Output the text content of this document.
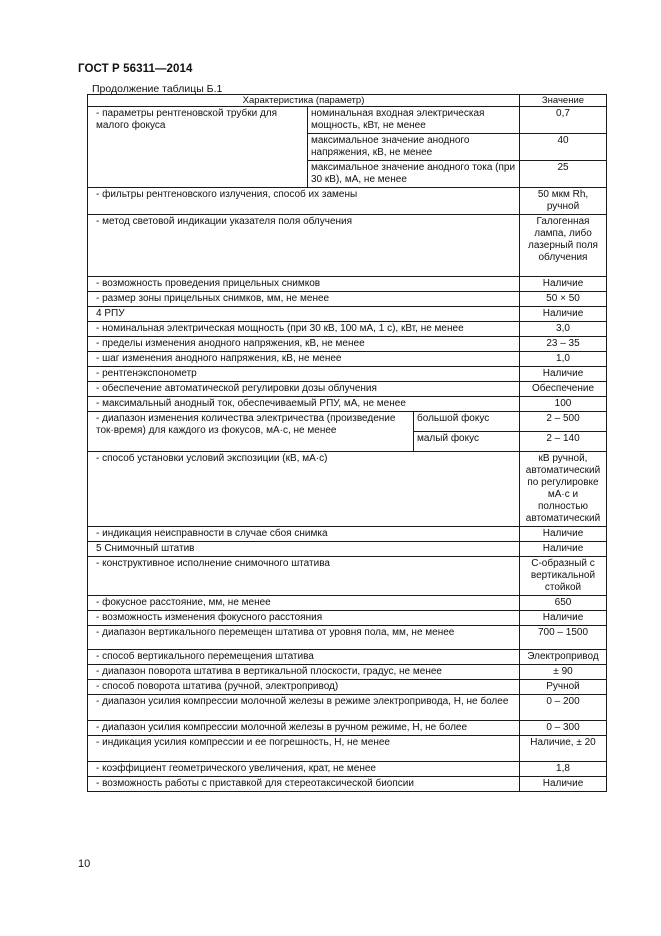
ГОСТ Р 56311—2014
Продолжение таблицы Б.1
Характеристика (параметр)			Значение
- параметры рентгеновской трубки для малого фокуса	номинальная входная электрическая мощность, кВт, не менее		0,7
	максимальное значение анодного напряжения, кВ, не менее		40
	максимальное значение анодного тока (при 30 кВ), мА, не менее		25
- фильтры рентгеновского излучения, способ их замены			50 мкм Rh, ручной
- метод световой индикации указателя поля облучения			Галогенная лампа, либо лазерный поля облучения
- возможность проведения прицельных снимков			Наличие
- размер зоны прицельных снимков, мм, не менее			50 × 50
4 РПУ			Наличие
- номинальная электрическая мощность (при 30 кВ, 100 мА, 1 с), кВт, не менее			3,0
- пределы изменения анодного напряжения, кВ, не менее			23 – 35
- шаг изменения анодного напряжения, кВ, не менее			1,0
- рентгенэкспонометр			Наличие
- обеспечение автоматической регулировки дозы облучения			Обеспечение
- максимальный анодный ток, обеспечиваемый РПУ, мА, не менее			100
- диапазон изменения количества электричества (произведение ток·время) для каждого из фокусов, мА·с, не менее		большой фокус	2 – 500
		малый фокус	2 – 140
- способ установки условий экспозиции (кВ, мА·с)			кВ ручной, автоматический по регулировке мА·с и полностью автоматический
- индикация неисправности в случае сбоя снимка			Наличие
5 Снимочный штатив			Наличие
- конструктивное исполнение снимочного штатива			С-образный с вертикальной стойкой
- фокусное расстояние, мм, не менее			650
- возможность изменения фокусного расстояния			Наличие
- диапазон вертикального перемещен штатива от уровня пола, мм, не менее			700 – 1500
- способ вертикального перемещения штатива			Электропривод
- диапазон поворота штатива в вертикальной плоскости, градус, не менее			± 90
- способ поворота штатива (ручной, электропривод)			Ручной
- диапазон усилия компрессии молочной железы в режиме электропривода, Н, не более			0 – 200
- диапазон усилия компрессии молочной железы в ручном режиме, Н, не более			0 – 300
- индикация усилия компрессии и ее погрешность, Н, не менее			Наличие, ± 20
- коэффициент геометрического увеличения, крат, не менее			1,8
- возможность работы с приставкой для стереотаксической биопсии			Наличие
10
